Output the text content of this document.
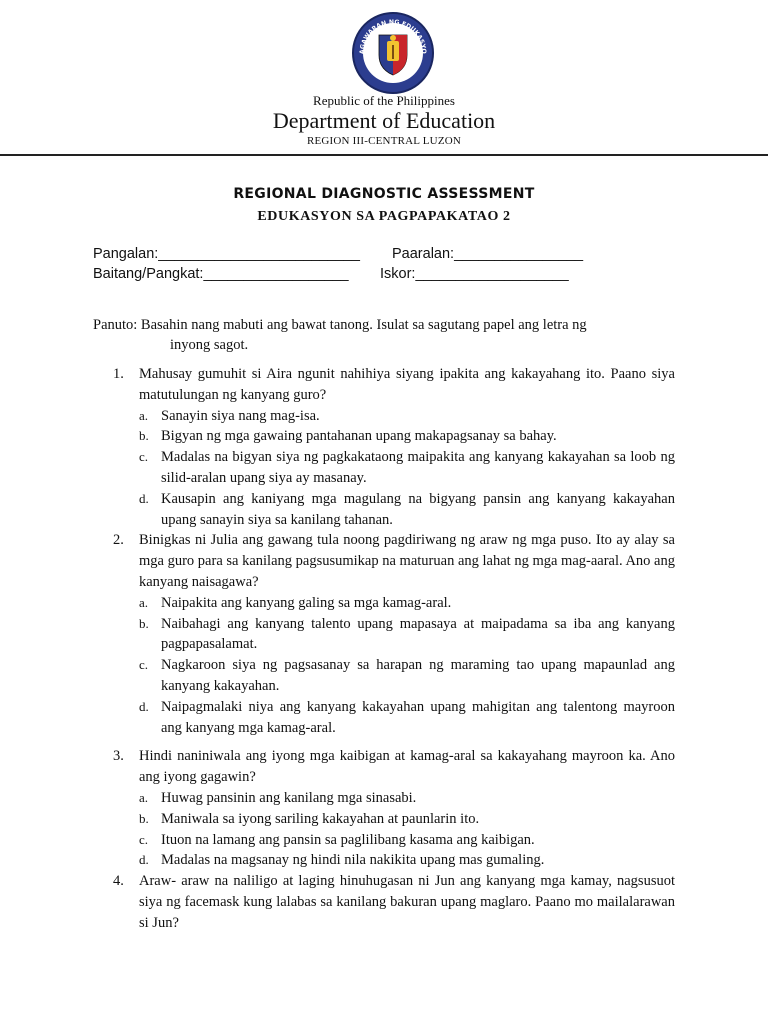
AGAWARAN NG EDUKASYO
Republic of the Philippines
Department of Education
REGION III-CENTRAL LUZON
REGIONAL DIAGNOSTIC ASSESSMENT
EDUKASYON SA PAGPAPAKATAO 2
Pangalan:_________________________ Paaralan:________________
Baitang/Pangkat:__________________ Iskor:___________________
Panuto: Basahin nang mabuti ang bawat tanong. Isulat sa sagutang papel ang letra ng
inyong sagot.
1. Mahusay gumuhit si Aira ngunit nahihiya siyang ipakita ang kakayahang ito. Paano siya matutulungan ng kanyang guro?
a. Sanayin siya nang mag-isa.
b. Bigyan ng mga gawaing pantahanan upang makapagsanay sa bahay.
c. Madalas na bigyan siya ng pagkakataong maipakita ang kanyang kakayahan sa loob ng silid-aralan upang siya ay masanay.
d. Kausapin ang kaniyang mga magulang na bigyang pansin ang kanyang kakayahan upang sanayin siya sa kanilang tahanan.
2. Binigkas ni Julia ang gawang tula noong pagdiriwang ng araw ng mga puso. Ito ay alay sa mga guro para sa kanilang pagsusumikap na maturuan ang lahat ng mga mag-aaral. Ano ang kanyang naisagawa?
a. Naipakita ang kanyang galing sa mga kamag-aral.
b. Naibahagi ang kanyang talento upang mapasaya at maipadama sa iba ang kanyang pagpapasalamat.
c. Nagkaroon siya ng pagsasanay sa harapan ng maraming tao upang mapaunlad ang kanyang kakayahan.
d. Naipagmalaki niya ang kanyang kakayahan upang mahigitan ang talentong mayroon ang kanyang mga kamag-aral.
3. Hindi naniniwala ang iyong mga kaibigan at kamag-aral sa kakayahang mayroon ka. Ano ang iyong gagawin?
a. Huwag pansinin ang kanilang mga sinasabi.
b. Maniwala sa iyong sariling kakayahan at paunlarin ito.
c. Ituon na lamang ang pansin sa paglilibang kasama ang kaibigan.
d. Madalas na magsanay ng hindi nila nakikita upang mas gumaling.
4. Araw- araw na naliligo at laging hinuhugasan ni Jun ang kanyang mga kamay, nagsusuot siya ng facemask kung lalabas sa kanilang bakuran upang maglaro. Paano mo mailalarawan si Jun?
